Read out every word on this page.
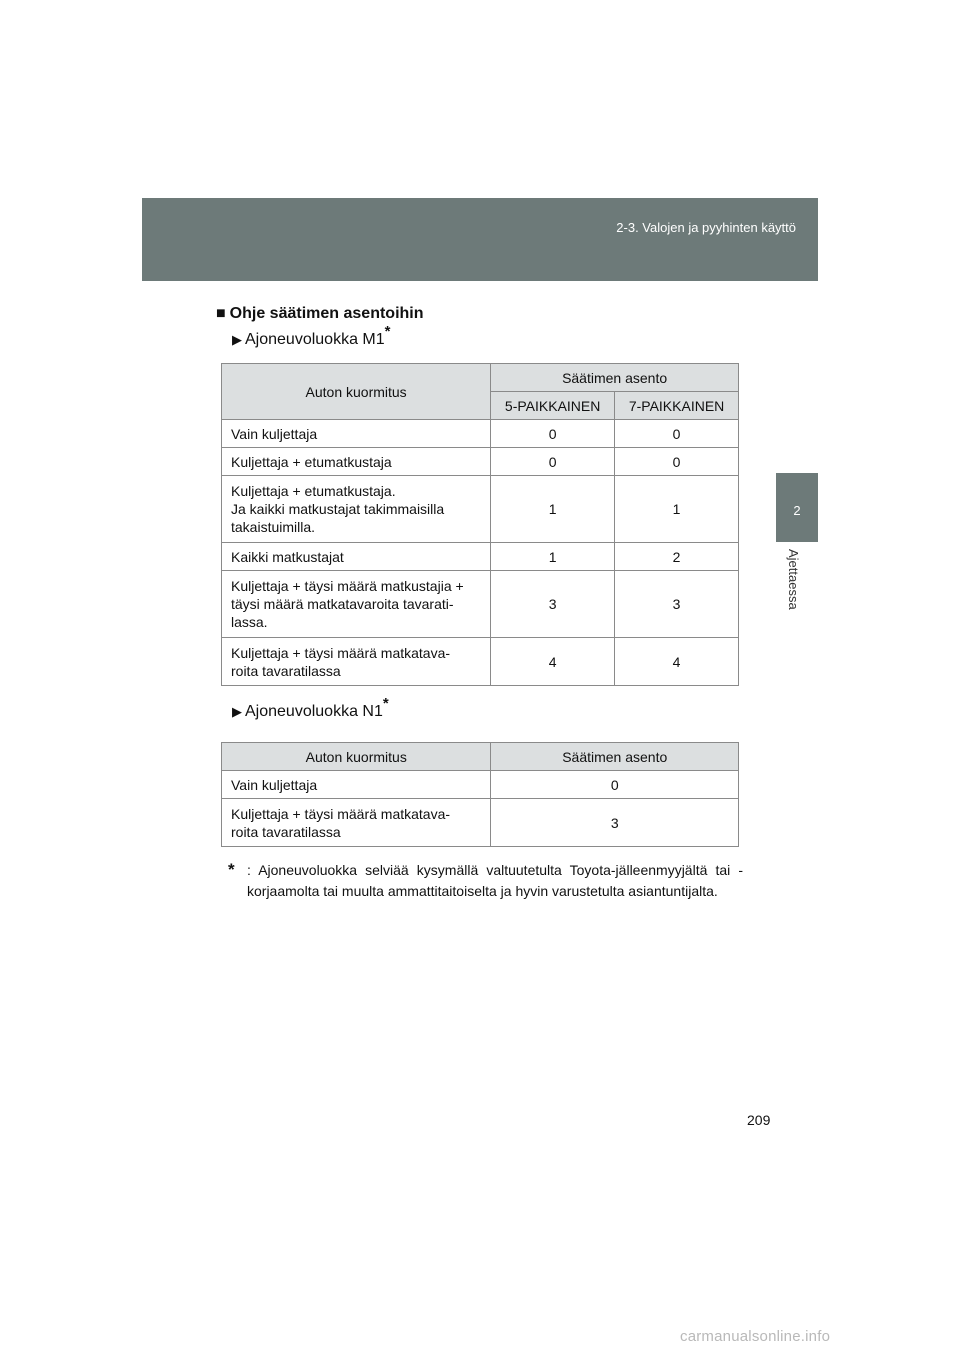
2-3. Valojen ja pyyhinten käyttö
2
Ajettaessa
■ Ohje säätimen asentoihin
▶ Ajoneuvoluokka M1*
Auton kuormitus	Säätimen asento	
	5-PAIKKAINEN	7-PAIKKAINEN
Vain kuljettaja	0	0
Kuljettaja + etumatkustaja	0	0

Kuljettaja + etumatkustaja.
Ja kaikki matkustajat takimmaisilla
takaistuimilla.	1	1
Kaikki matkustajat	1	2

Kuljettaja + täysi määrä matkustajia +
täysi määrä matkatavaroita tavarati-
lassa.	3	3

Kuljettaja + täysi määrä matkatava-
roita tavaratilassa	4	4
▶ Ajoneuvoluokka N1*
Auton kuormitus	Säätimen asento
Vain kuljettaja	0

Kuljettaja + täysi määrä matkatava-
roita tavaratilassa	3
* : Ajoneuvoluokka selviää kysymällä valtuutetulta Toyota-jälleenmyyjältä tai -korjaamolta tai muulta ammattitaitoiselta ja hyvin varustetulta asiantuntijalta.
209
carmanualsonline.info
